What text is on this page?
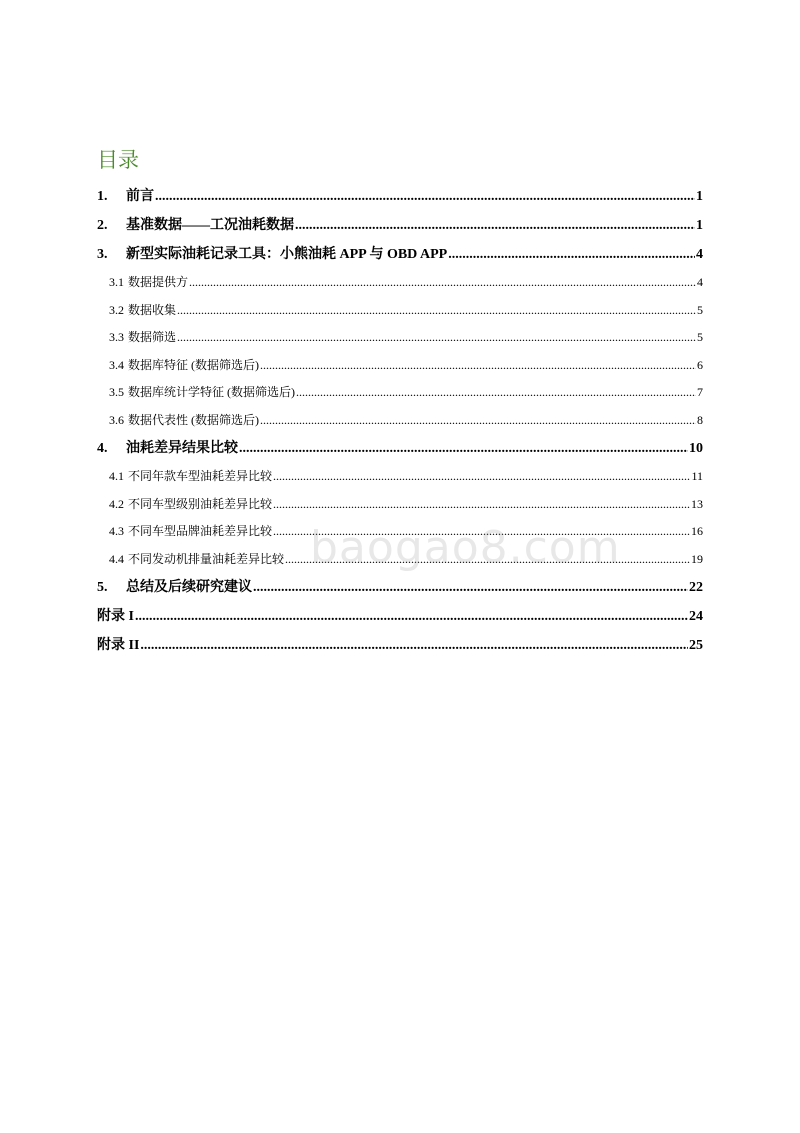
目录
1.	前言 .....	1
2.	基准数据——工况油耗数据 .....	1
3.	新型实际油耗记录工具：小熊油耗 APP 与 OBD APP .....	4
3.1 数据提供方 .....	4
3.2 数据收集 .....	5
3.3 数据筛选 .....	5
3.4 数据库特征 (数据筛选后) .....	6
3.5 数据库统计学特征 (数据筛选后) .....	7
3.6 数据代表性 (数据筛选后) .....	8
4.	油耗差异结果比较 .....	10
4.1 不同年款车型油耗差异比较 .....	11
4.2 不同车型级别油耗差异比较 .....	13
4.3 不同车型品牌油耗差异比较 .....	16
4.4 不同发动机排量油耗差异比较 .....	19
5.	总结及后续研究建议 .....	22
附录 I .....	24
附录 II .....	25
baogao8.com
